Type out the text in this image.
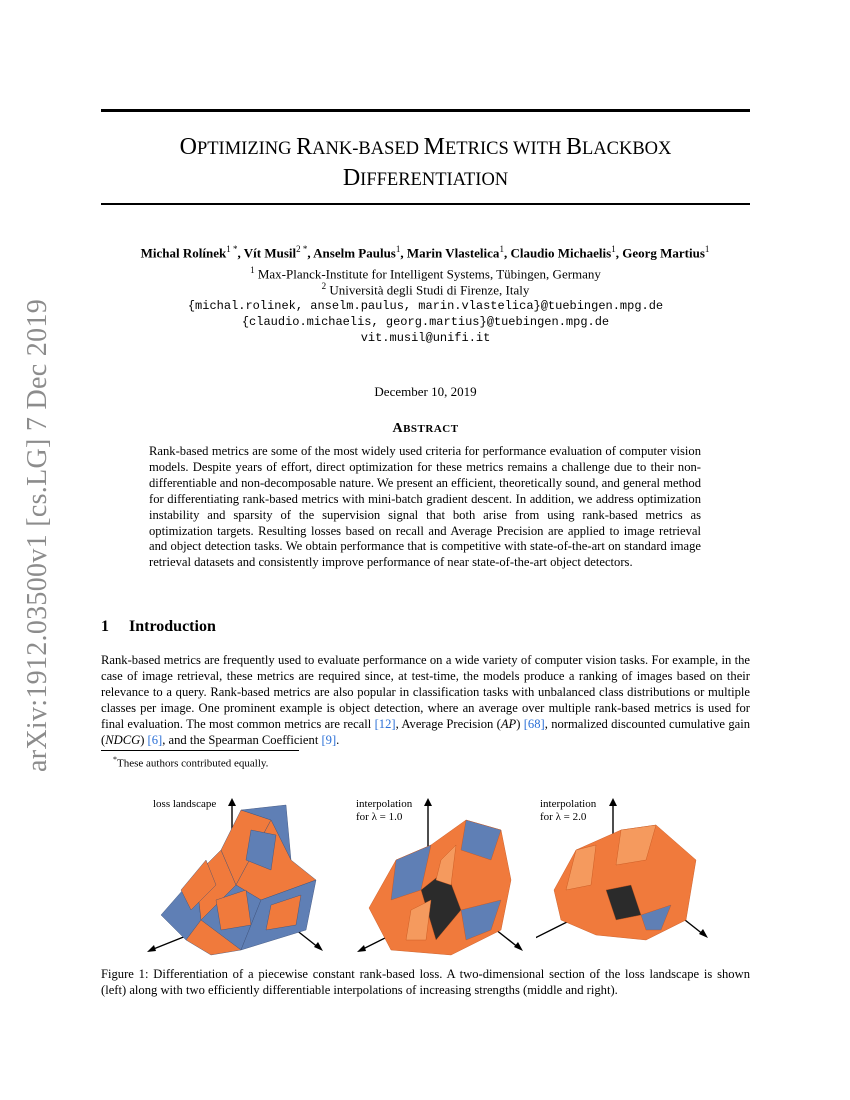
OPTIMIZING RANK-BASED METRICS WITH BLACKBOX
DIFFERENTIATION
Michal Rolínek$^{1 *}$, Vít Musil$^{2 *}$, Anselm Paulus$^1$, Marin Vlastelica$^1$, Claudio Michaelis$^1$, Georg Martius$^1$
$^1$ Max-Planck-Institute for Intelligent Systems, Tübingen, Germany
$^2$ Università degli Studi di Firenze, Italy
{michal.rolinek, anselm.paulus, marin.vlastelica}@tuebingen.mpg.de
{claudio.michaelis, georg.martius}@tuebingen.mpg.de
vit.musil@unifi.it
December 10, 2019
ABSTRACT
Rank-based metrics are some of the most widely used criteria for performance evaluation of computer vision models. Despite years of effort, direct optimization for these metrics remains a challenge due to their non-differentiable and non-decomposable nature. We present an efficient, theoretically sound, and general method for differentiating rank-based metrics with mini-batch gradient descent. In addition, we address optimization instability and sparsity of the supervision signal that both arise from using rank-based metrics as optimization targets. Resulting losses based on recall and Average Precision are applied to image retrieval and object detection tasks. We obtain performance that is competitive with state-of-the-art on standard image retrieval datasets and consistently improve performance of near state-of-the-art object detectors.
1 Introduction
Rank-based metrics are frequently used to evaluate performance on a wide variety of computer vision tasks. For example, in the case of image retrieval, these metrics are required since, at test-time, the models produce a ranking of images based on their relevance to a query. Rank-based metrics are also popular in classification tasks with unbalanced class distributions or multiple classes per image. One prominent example is object detection, where an average over multiple rank-based metrics is used for final evaluation. The most common metrics are recall [12], Average Precision (AP) [68], normalized discounted cumulative gain (NDCG) [6], and the Spearman Coefficient [9].
*These authors contributed equally.
arXiv:1912.03500v1 [cs.LG] 7 Dec 2019
loss landscape	interpolation
for λ = 1.0
interpolation
for λ = 2.0
Figure 1: Differentiation of a piecewise constant rank-based loss. A two-dimensional section of the loss landscape is shown (left) along with two efficiently differentiable interpolations of increasing strengths (middle and right).
